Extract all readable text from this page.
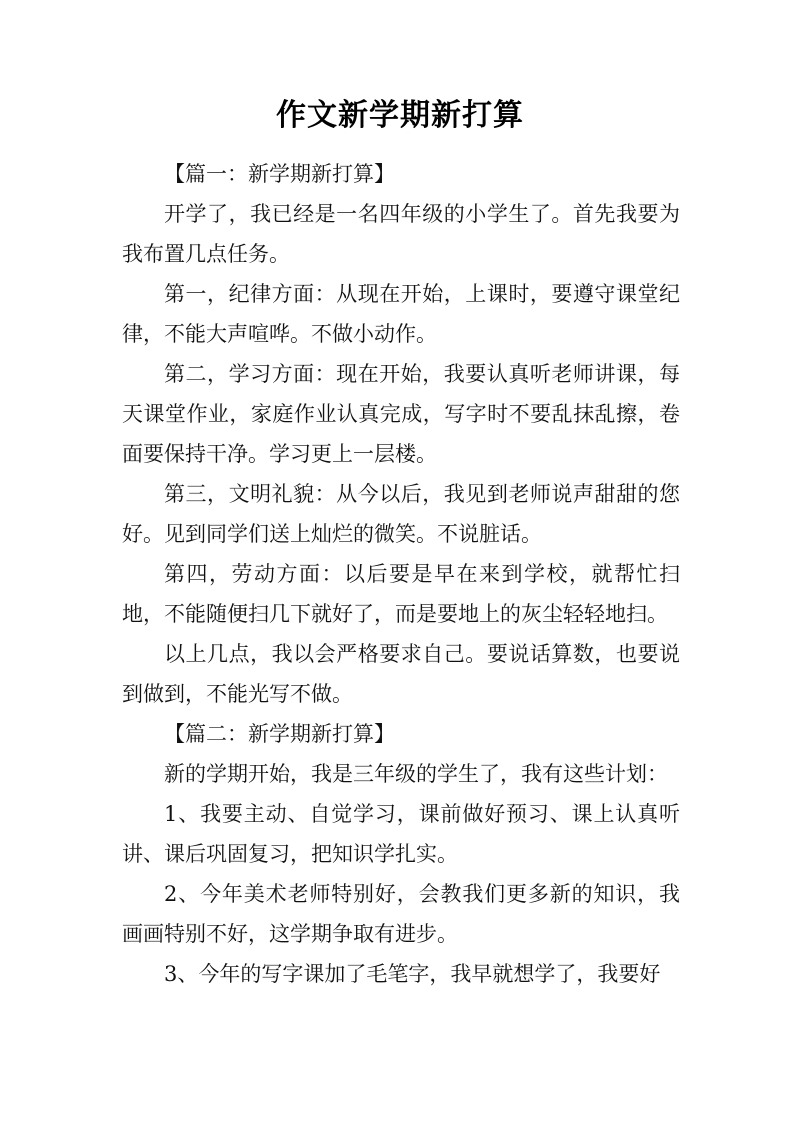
作文新学期新打算

【篇一：新学期新打算】

开学了，我已经是一名四年级的小学生了。首先我要为我布置几点任务。

第一，纪律方面：从现在开始，上课时，要遵守课堂纪律，不能大声喧哗。不做小动作。

第二，学习方面：现在开始，我要认真听老师讲课，每天课堂作业，家庭作业认真完成，写字时不要乱抹乱擦，卷面要保持干净。学习更上一层楼。

第三，文明礼貌：从今以后，我见到老师说声甜甜的您好。见到同学们送上灿烂的微笑。不说脏话。

第四，劳动方面：以后要是早在来到学校，就帮忙扫地，不能随便扫几下就好了，而是要地上的灰尘轻轻地扫。

以上几点，我以会严格要求自己。要说话算数，也要说到做到，不能光写不做。

【篇二：新学期新打算】

新的学期开始，我是三年级的学生了，我有这些计划：

1、我要主动、自觉学习，课前做好预习、课上认真听讲、课后巩固复习，把知识学扎实。

2、今年美术老师特别好，会教我们更多新的知识，我画画特别不好，这学期争取有进步。

3、今年的写字课加了毛笔字，我早就想学了，我要好
